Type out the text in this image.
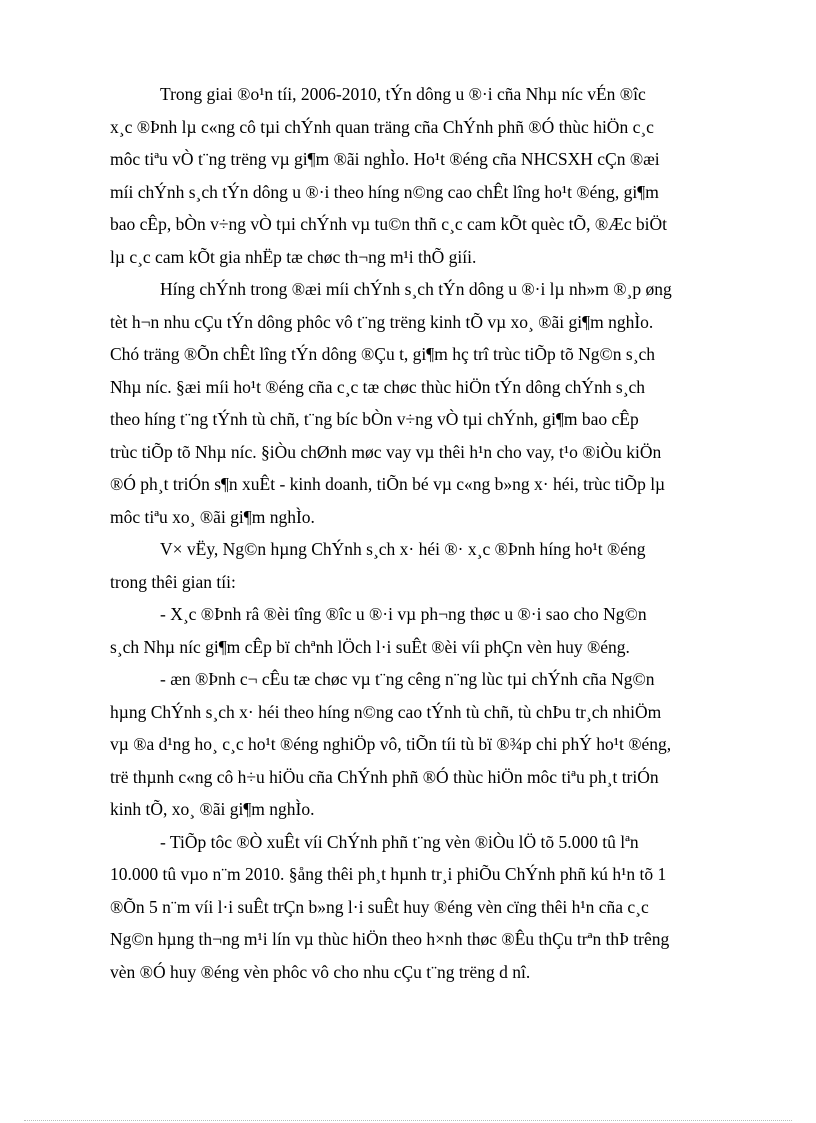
Trong giai ®o¹n tíi, 2006-2010, tÝn dông u ®·i cña Nhµ níc vÉn ®îc
x¸c ®Þnh lµ c«ng cô tµi chÝnh quan träng cña ChÝnh phñ ®Ó thùc hiÖn c¸c
môc tiªu vÒ t¨ng trëng vµ gi¶m ®ãi nghÌo. Ho¹t ®éng cña NHCSXH cÇn ®æi
míi chÝnh s¸ch tÝn dông u ®·i theo híng n©ng cao chÊt lîng ho¹t ®éng, gi¶m
bao cÊp, bÒn v÷ng vÒ tµi chÝnh vµ tu©n thñ c¸c cam kÕt quèc tÕ, ®Æc biÖt
lµ c¸c cam kÕt gia nhËp tæ chøc th¬ng m¹i thÕ giíi.
Híng chÝnh trong ®æi míi chÝnh s¸ch tÝn dông u ®·i lµ nh»m ®¸p øng
tèt h¬n nhu cÇu tÝn dông phôc vô t¨ng trëng kinh tÕ vµ xo¸ ®ãi gi¶m nghÌo.
Chó träng ®Õn chÊt lîng tÝn dông ®Çu t, gi¶m hç trî trùc tiÕp tõ Ng©n s¸ch
Nhµ níc. §æi míi ho¹t ®éng cña c¸c tæ chøc thùc hiÖn tÝn dông chÝnh s¸ch
theo híng t¨ng tÝnh tù chñ, t¨ng bíc bÒn v÷ng vÒ tµi chÝnh, gi¶m bao cÊp
trùc tiÕp tõ Nhµ níc. §iÒu chØnh møc vay vµ thêi h¹n cho vay, t¹o ®iÒu kiÖn
®Ó ph¸t triÓn s¶n xuÊt - kinh doanh, tiÕn bé vµ c«ng b»ng x· héi, trùc tiÕp lµ
môc tiªu xo¸ ®ãi gi¶m nghÌo.
V× vËy, Ng©n hµng ChÝnh s¸ch x· héi ®· x¸c ®Þnh híng ho¹t ®éng
trong thêi gian tíi:
- X¸c ®Þnh râ ®èi tîng ®îc u ®·i vµ ph¬ng thøc u ®·i sao cho Ng©n
s¸ch Nhµ níc gi¶m cÊp bï chªnh lÖch l·i suÊt ®èi víi phÇn vèn huy ®éng.
- æn ®Þnh c¬ cÊu tæ chøc vµ t¨ng cêng n¨ng lùc tµi chÝnh cña Ng©n
hµng ChÝnh s¸ch x· héi theo híng n©ng cao tÝnh tù chñ, tù chÞu tr¸ch nhiÖm
vµ ®a d¹ng ho¸ c¸c ho¹t ®éng nghiÖp vô, tiÕn tíi tù bï ®¾p chi phÝ ho¹t ®éng,
trë thµnh c«ng cô h÷u hiÖu cña ChÝnh phñ ®Ó thùc hiÖn môc tiªu ph¸t triÓn
kinh tÕ, xo¸ ®ãi gi¶m nghÌo.
- TiÕp tôc ®Ò xuÊt víi ChÝnh phñ t¨ng vèn ®iÒu lÖ tõ 5.000 tû lªn
10.000 tû vµo n¨m 2010. §ång thêi ph¸t hµnh tr¸i phiÕu ChÝnh phñ kú h¹n tõ 1
®Õn 5 n¨m víi l·i suÊt trÇn b»ng l·i suÊt huy ®éng vèn cïng thêi h¹n cña c¸c
Ng©n hµng th¬ng m¹i lín vµ thùc hiÖn theo h×nh thøc ®Êu thÇu trªn thÞ trêng
vèn ®Ó huy ®éng vèn phôc vô cho nhu cÇu t¨ng trëng d nî.
